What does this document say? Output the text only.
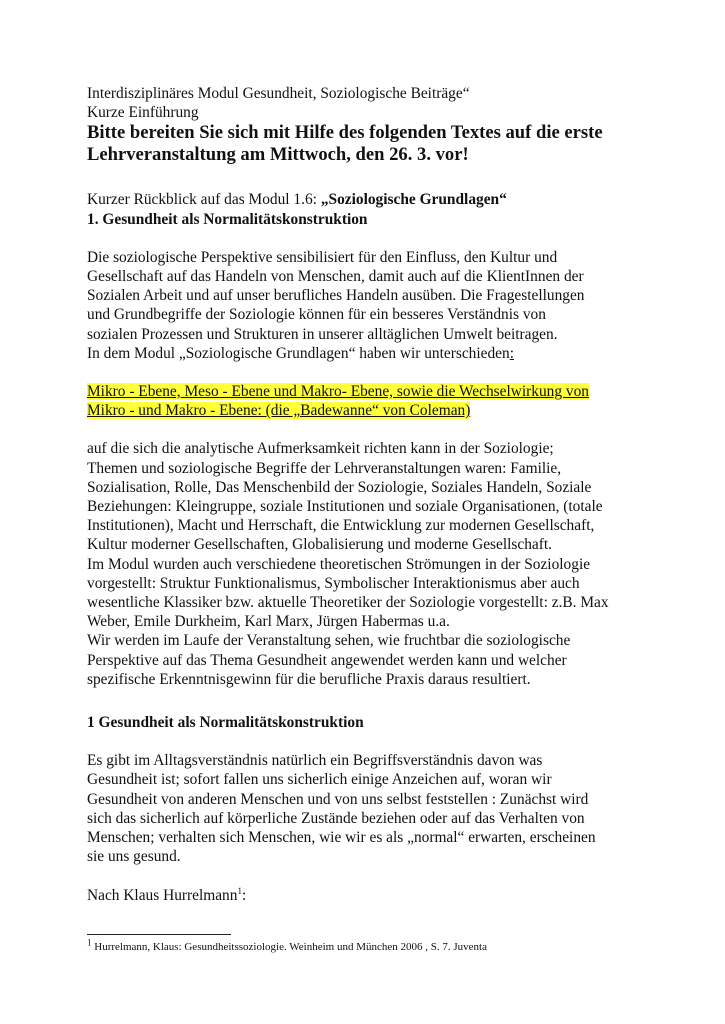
Interdisziplinäres Modul Gesundheit, Soziologische Beiträge“
Kurze Einführung
Bitte bereiten Sie sich mit Hilfe des folgenden Textes auf die erste
Lehrveranstaltung am Mittwoch, den 26. 3. vor!
Kurzer Rückblick auf das Modul 1.6: „Soziologische Grundlagen“
1. Gesundheit als Normalitätskonstruktion
Die soziologische Perspektive sensibilisiert für den Einfluss, den Kultur und
Gesellschaft auf das Handeln von Menschen, damit auch auf die KlientInnen der
Sozialen Arbeit und auf unser berufliches Handeln ausüben. Die Fragestellungen
und Grundbegriffe der Soziologie können für ein besseres Verständnis von
sozialen Prozessen und Strukturen in unserer alltäglichen Umwelt beitragen.
In dem Modul „Soziologische Grundlagen“ haben wir unterschieden:
Mikro - Ebene, Meso - Ebene und Makro- Ebene, sowie die Wechselwirkung von
Mikro - und Makro - Ebene: (die „Badewanne“ von Coleman)
auf die sich die analytische Aufmerksamkeit richten kann in der Soziologie;
Themen und soziologische Begriffe der Lehrveranstaltungen waren: Familie,
Sozialisation, Rolle, Das Menschenbild der Soziologie, Soziales Handeln, Soziale
Beziehungen: Kleingruppe, soziale Institutionen und soziale Organisationen, (totale
Institutionen), Macht und Herrschaft, die Entwicklung zur modernen Gesellschaft,
Kultur moderner Gesellschaften, Globalisierung und moderne Gesellschaft.
Im Modul wurden auch verschiedene theoretischen Strömungen in der Soziologie
vorgestellt: Struktur Funktionalismus, Symbolischer Interaktionismus aber auch
wesentliche Klassiker bzw. aktuelle Theoretiker der Soziologie vorgestellt: z.B. Max
Weber, Emile Durkheim, Karl Marx, Jürgen Habermas u.a.
Wir werden im Laufe der Veranstaltung sehen, wie fruchtbar die soziologische
Perspektive auf das Thema Gesundheit angewendet werden kann und welcher
spezifische Erkenntnisgewinn für die berufliche Praxis daraus resultiert.
1 Gesundheit als Normalitätskonstruktion
Es gibt im Alltagsverständnis natürlich ein Begriffsverständnis davon was
Gesundheit ist; sofort fallen uns sicherlich einige Anzeichen auf, woran wir
Gesundheit von anderen Menschen und von uns selbst feststellen : Zunächst wird
sich das sicherlich auf körperliche Zustände beziehen oder auf das Verhalten von
Menschen; verhalten sich Menschen, wie wir es als „normal“ erwarten, erscheinen
sie uns gesund.
Nach Klaus Hurrelmann$^1$:
$^1$ Hurrelmann, Klaus: Gesundheitssoziologie. Weinheim und München 2006 , S. 7. Juventa
